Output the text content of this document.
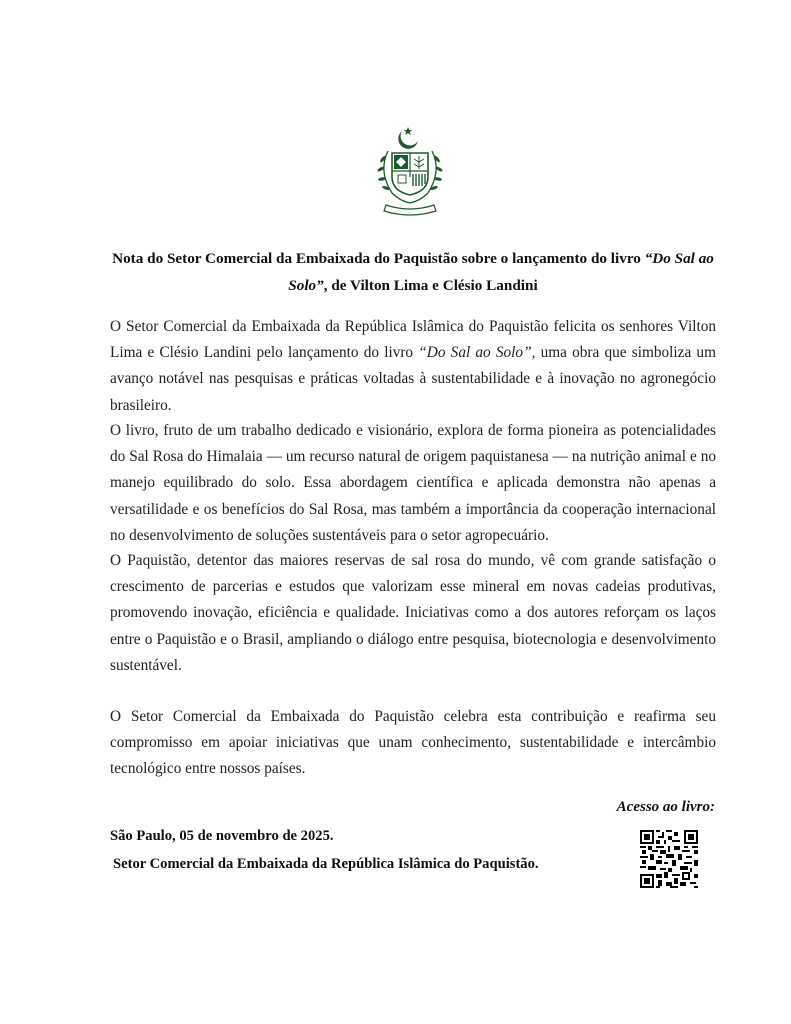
Nota do Setor Comercial da Embaixada do Paquistão sobre o lançamento do livro “Do Sal ao Solo”, de Vilton Lima e Clésio Landini
O Setor Comercial da Embaixada da República Islâmica do Paquistão felicita os senhores Vilton Lima e Clésio Landini pelo lançamento do livro “Do Sal ao Solo”, uma obra que simboliza um avanço notável nas pesquisas e práticas voltadas à sustentabilidade e à inovação no agronegócio brasileiro.
O livro, fruto de um trabalho dedicado e visionário, explora de forma pioneira as potencialidades do Sal Rosa do Himalaia — um recurso natural de origem paquistanesa — na nutrição animal e no manejo equilibrado do solo. Essa abordagem científica e aplicada demonstra não apenas a versatilidade e os benefícios do Sal Rosa, mas também a importância da cooperação internacional no desenvolvimento de soluções sustentáveis para o setor agropecuário.
O Paquistão, detentor das maiores reservas de sal rosa do mundo, vê com grande satisfação o crescimento de parcerias e estudos que valorizam esse mineral em novas cadeias produtivas, promovendo inovação, eficiência e qualidade. Iniciativas como a dos autores reforçam os laços entre o Paquistão e o Brasil, ampliando o diálogo entre pesquisa, biotecnologia e desenvolvimento sustentável.
O Setor Comercial da Embaixada do Paquistão celebra esta contribuição e reafirma seu compromisso em apoiar iniciativas que unam conhecimento, sustentabilidade e intercâmbio tecnológico entre nossos países.
Acesso ao livro:
São Paulo, 05 de novembro de 2025.
Setor Comercial da Embaixada da República Islâmica do Paquistão.
